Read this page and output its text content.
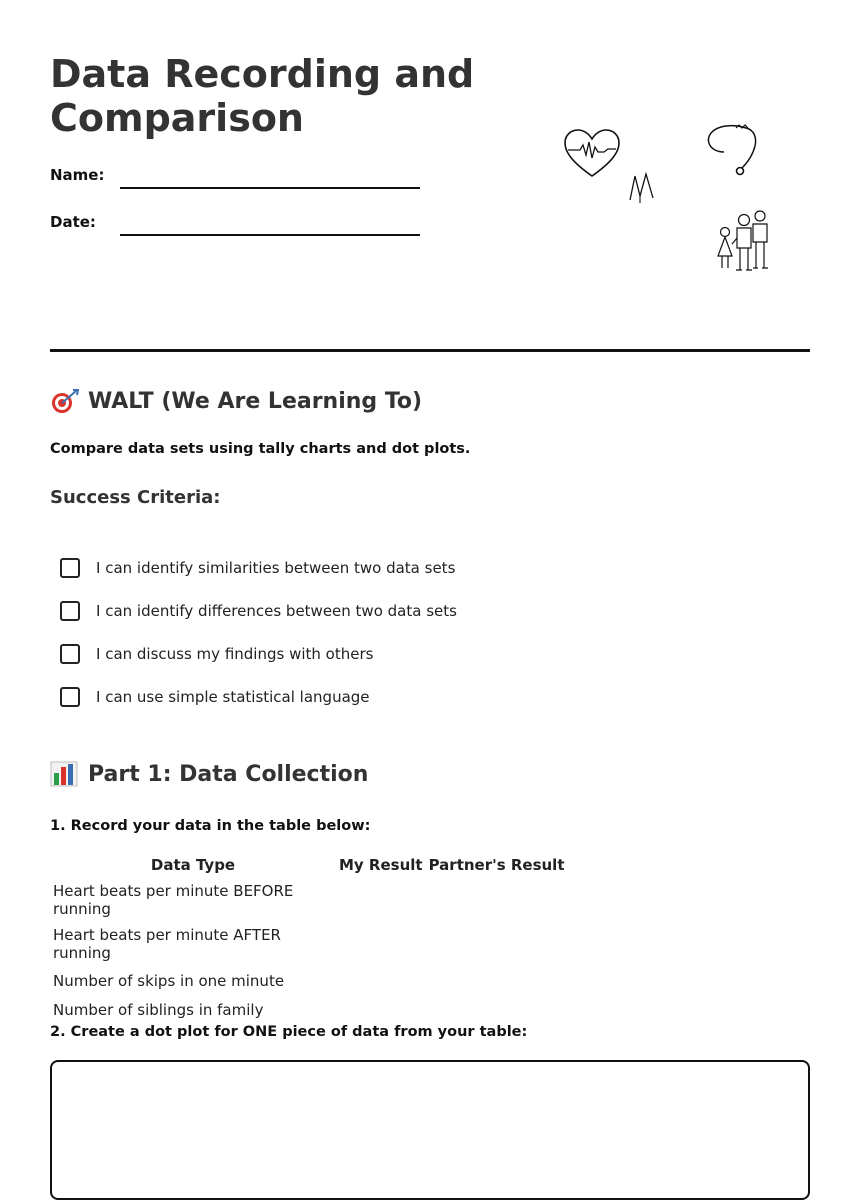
Data Recording and Comparison
Name:
Date:
WALT (We Are Learning To)
Compare data sets using tally charts and dot plots.
Success Criteria:
I can identify similarities between two data sets
I can identify differences between two data sets
I can discuss my findings with others
I can use simple statistical language
Part 1: Data Collection
1. Record your data in the table below:
Data Type	My Result	Partner's Result
Heart beats per minute BEFORE running		
Heart beats per minute AFTER running		
Number of skips in one minute		
Number of siblings in family		
2. Create a dot plot for ONE piece of data from your table:
